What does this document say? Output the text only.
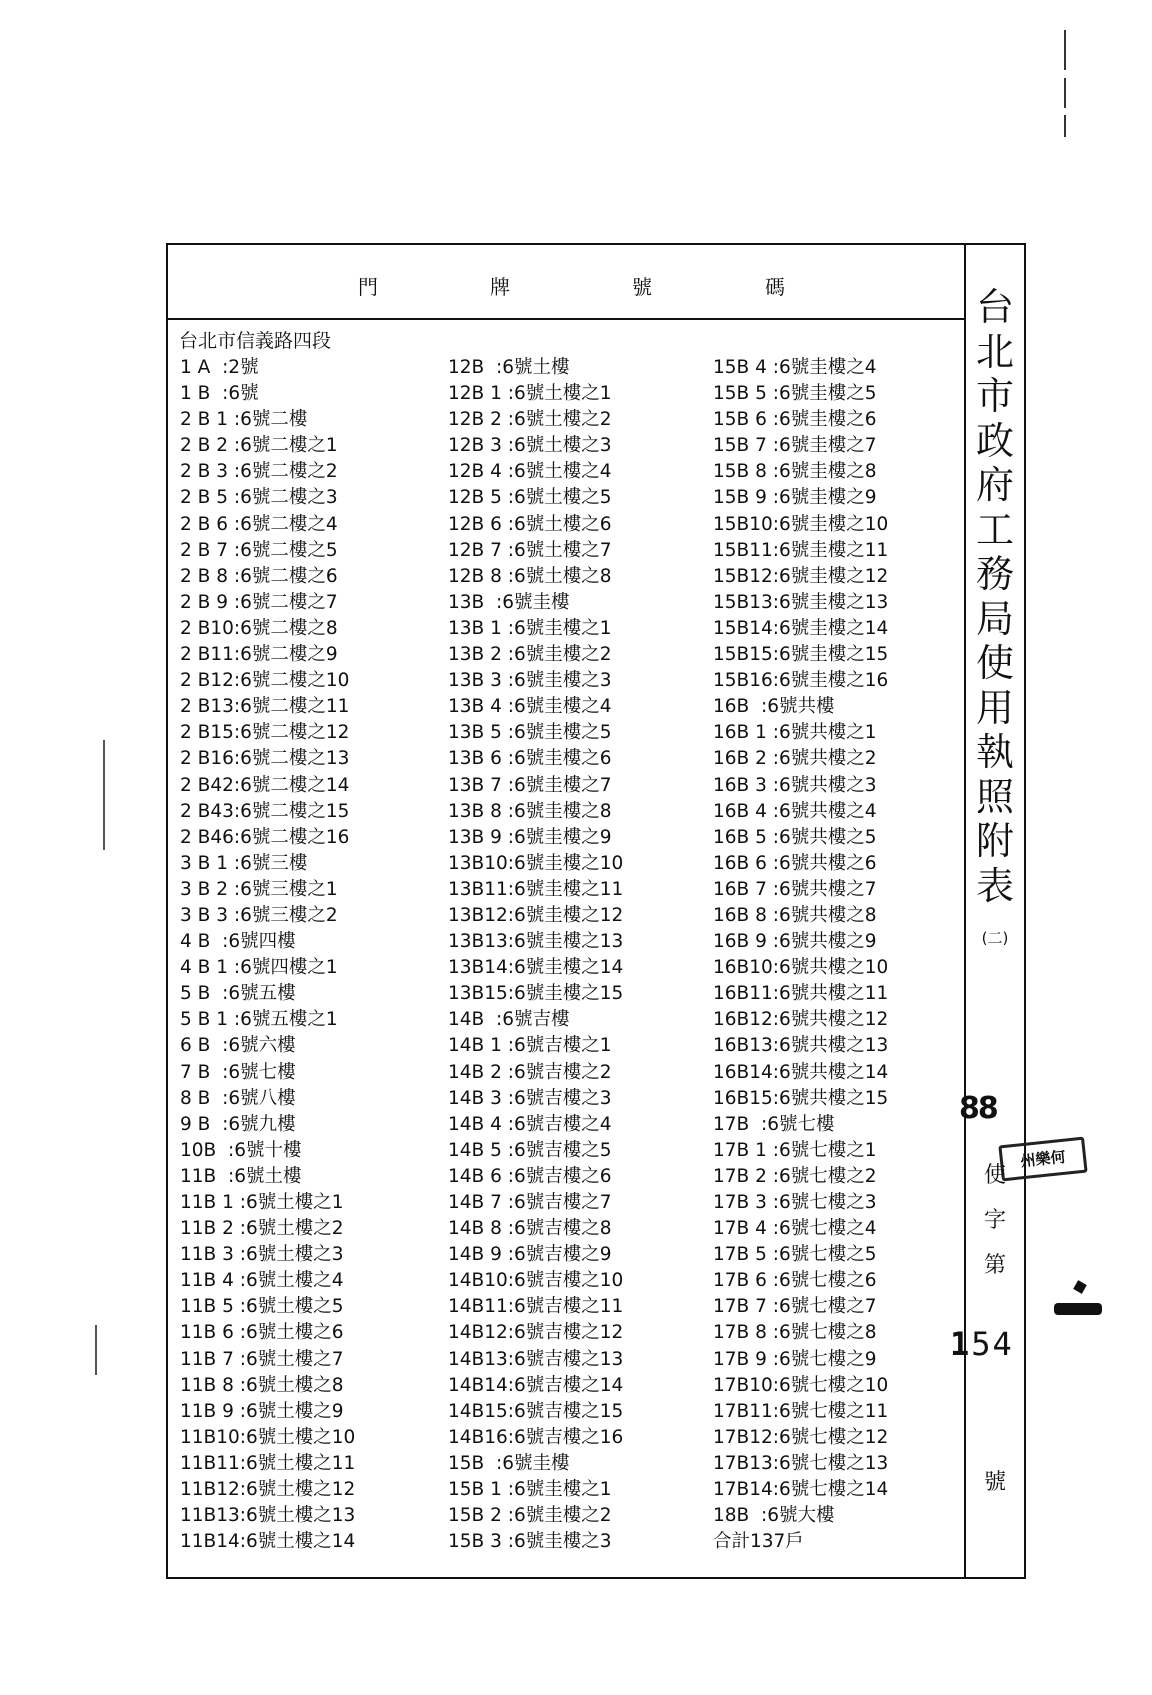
門	牌	號	碼
台北市信義路四段
1 A  :2號
1 B  :6號
2 B 1 :6號二樓
2 B 2 :6號二樓之1
2 B 3 :6號二樓之2
2 B 5 :6號二樓之3
2 B 6 :6號二樓之4
2 B 7 :6號二樓之5
2 B 8 :6號二樓之6
2 B 9 :6號二樓之7
2 B10:6號二樓之8
2 B11:6號二樓之9
2 B12:6號二樓之10
2 B13:6號二樓之11
2 B15:6號二樓之12
2 B16:6號二樓之13
2 B42:6號二樓之14
2 B43:6號二樓之15
2 B46:6號二樓之16
3 B 1 :6號三樓
3 B 2 :6號三樓之1
3 B 3 :6號三樓之2
4 B  :6號四樓
4 B 1 :6號四樓之1
5 B  :6號五樓
5 B 1 :6號五樓之1
6 B  :6號六樓
7 B  :6號七樓
8 B  :6號八樓
9 B  :6號九樓
10B  :6號十樓
11B  :6號土樓
11B 1 :6號土樓之1
11B 2 :6號土樓之2
11B 3 :6號土樓之3
11B 4 :6號土樓之4
11B 5 :6號土樓之5
11B 6 :6號土樓之6
11B 7 :6號土樓之7
11B 8 :6號土樓之8
11B 9 :6號土樓之9
11B10:6號土樓之10
11B11:6號土樓之11
11B12:6號土樓之12
11B13:6號土樓之13
11B14:6號土樓之14
12B  :6號土樓
12B 1 :6號土樓之1
12B 2 :6號土樓之2
12B 3 :6號土樓之3
12B 4 :6號土樓之4
12B 5 :6號土樓之5
12B 6 :6號土樓之6
12B 7 :6號土樓之7
12B 8 :6號土樓之8
13B  :6號圭樓
13B 1 :6號圭樓之1
13B 2 :6號圭樓之2
13B 3 :6號圭樓之3
13B 4 :6號圭樓之4
13B 5 :6號圭樓之5
13B 6 :6號圭樓之6
13B 7 :6號圭樓之7
13B 8 :6號圭樓之8
13B 9 :6號圭樓之9
13B10:6號圭樓之10
13B11:6號圭樓之11
13B12:6號圭樓之12
13B13:6號圭樓之13
13B14:6號圭樓之14
13B15:6號圭樓之15
14B  :6號吉樓
14B 1 :6號吉樓之1
14B 2 :6號吉樓之2
14B 3 :6號吉樓之3
14B 4 :6號吉樓之4
14B 5 :6號吉樓之5
14B 6 :6號吉樓之6
14B 7 :6號吉樓之7
14B 8 :6號吉樓之8
14B 9 :6號吉樓之9
14B10:6號吉樓之10
14B11:6號吉樓之11
14B12:6號吉樓之12
14B13:6號吉樓之13
14B14:6號吉樓之14
14B15:6號吉樓之15
14B16:6號吉樓之16
15B  :6號圭樓
15B 1 :6號圭樓之1
15B 2 :6號圭樓之2
15B 3 :6號圭樓之3
15B 4 :6號圭樓之4
15B 5 :6號圭樓之5
15B 6 :6號圭樓之6
15B 7 :6號圭樓之7
15B 8 :6號圭樓之8
15B 9 :6號圭樓之9
15B10:6號圭樓之10
15B11:6號圭樓之11
15B12:6號圭樓之12
15B13:6號圭樓之13
15B14:6號圭樓之14
15B15:6號圭樓之15
15B16:6號圭樓之16
16B  :6號共樓
16B 1 :6號共樓之1
16B 2 :6號共樓之2
16B 3 :6號共樓之3
16B 4 :6號共樓之4
16B 5 :6號共樓之5
16B 6 :6號共樓之6
16B 7 :6號共樓之7
16B 8 :6號共樓之8
16B 9 :6號共樓之9
16B10:6號共樓之10
16B11:6號共樓之11
16B12:6號共樓之12
16B13:6號共樓之13
16B14:6號共樓之14
16B15:6號共樓之15
17B  :6號七樓
17B 1 :6號七樓之1
17B 2 :6號七樓之2
17B 3 :6號七樓之3
17B 4 :6號七樓之4
17B 5 :6號七樓之5
17B 6 :6號七樓之6
17B 7 :6號七樓之7
17B 8 :6號七樓之8
17B 9 :6號七樓之9
17B10:6號七樓之10
17B11:6號七樓之11
17B12:6號七樓之12
17B13:6號七樓之13
17B14:6號七樓之14
18B  :6號大樓
合計137戶
台
北
市
政
府
工
務
局
使
用
執
照
附
表
(二)
88
州樂何
使
字
第
154
號
